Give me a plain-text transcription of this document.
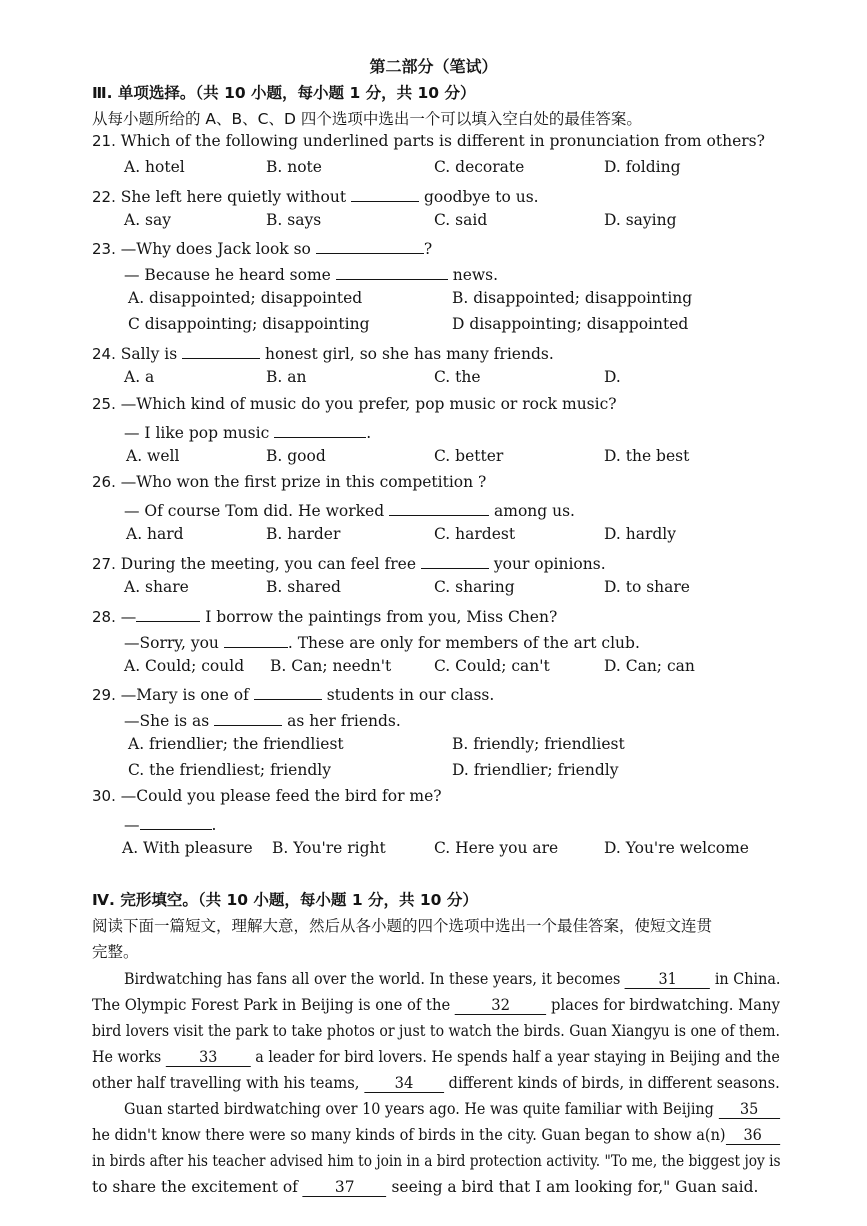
第二部分（笔试）
Ⅲ. 单项选择。（共 10 小题，每小题 1 分，共 10 分）
从每小题所给的 A、B、C、D 四个选项中选出一个可以填入空白处的最佳答案。
21. Which of the following underlined parts is different in pronunciation from others?
A. hotel	B. note	C. decorate	D. folding
22. She left here quietly without	goodbye to us.
A. say	B. says	C. said	D. saying
23. —Why does Jack look so	?
— Because he heard some	news.
A. disappointed; disappointed	B. disappointed; disappointing
C disappointing; disappointing	D disappointing; disappointed
24. Sally is	honest girl, so she has many friends.
A. a	B. an	C. the	D.
25. —Which kind of music do you prefer, pop music or rock music?
— I like pop music	.
A. well	B. good	C. better	D. the best
26. —Who won the first prize in this competition ?
— Of course Tom did. He worked	among us.
A. hard	B. harder	C. hardest	D. hardly
27. During the meeting, you can feel free	your opinions.
A. share	B. shared	C. sharing	D. to share
28. —	I borrow the paintings from you, Miss Chen?
—Sorry, you	. These are only for members of the art club.
A. Could; could B. Can; needn't	C. Could; can't	D. Can; can
29. —Mary is one of	students in our class.
—She is as	as her friends.
A. friendlier; the friendliest	B. friendly; friendliest
C. the friendliest; friendly	D. friendlier; friendly
30. —Could you please feed the bird for me?
—	.
A. With pleasure B. You're right	C. Here you are	D. You're welcome
Ⅳ. 完形填空。（共 10 小题，每小题 1 分，共 10 分）
阅读下面一篇短文，理解大意，然后从各小题的四个选项中选出一个最佳答案，使短文连贯
完整。
Birdwatching has fans all over the world. In these years, it becomes 31 in China.
The Olympic Forest Park in Beijing is one of the	32	places for birdwatching. Many
bird lovers visit the park to take photos or just to watch the birds. Guan Xiangyu is one of them.
He works 33 a leader for bird lovers. He spends half a year staying in Beijing and the
other half travelling with his teams, 34 different kinds of birds, in different seasons.
Guan started birdwatching over 10 years ago. He was quite familiar with Beijing 35
he didn't know there were so many kinds of birds in the city. Guan began to show a(n) 36
in birds after his teacher advised him to join in a bird protection activity. "To me, the biggest joy is
to share the excitement of 37 seeing a bird that I am looking for," Guan said.
